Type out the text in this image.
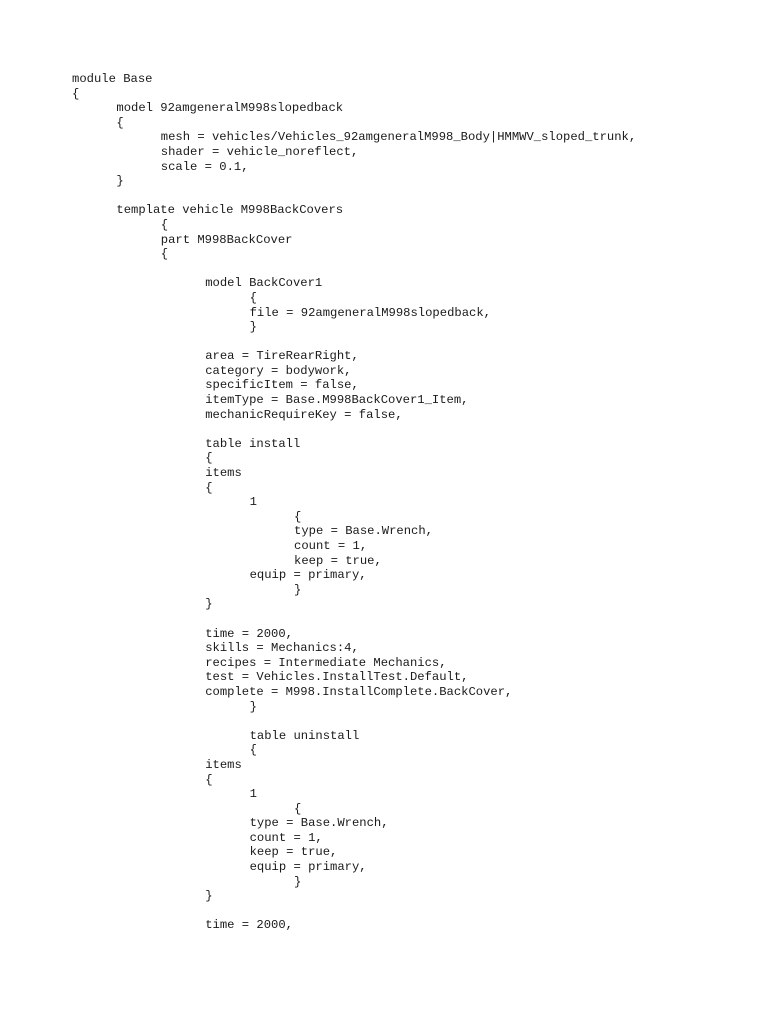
module Base
{
model 92amgeneralM998slopedback
{
mesh = vehicles/Vehicles_92amgeneralM998_Body|HMMWV_sloped_trunk,
shader = vehicle_noreflect,
scale = 0.1,
}
template vehicle M998BackCovers
{
part M998BackCover
{
model BackCover1
{
file = 92amgeneralM998slopedback,
}
area = TireRearRight,
category = bodywork,
specificItem = false,
itemType = Base.M998BackCover1_Item,
mechanicRequireKey = false,
table install
{
items
{
1
{
type = Base.Wrench,
count = 1,
keep = true,
equip = primary,
}
}
time = 2000,
skills = Mechanics:4,
recipes = Intermediate Mechanics,
test = Vehicles.InstallTest.Default,
complete = M998.InstallComplete.BackCover,
}
table uninstall
{
items
{
1
{
type = Base.Wrench,
count = 1,
keep = true,
equip = primary,
}
}
time = 2000,
